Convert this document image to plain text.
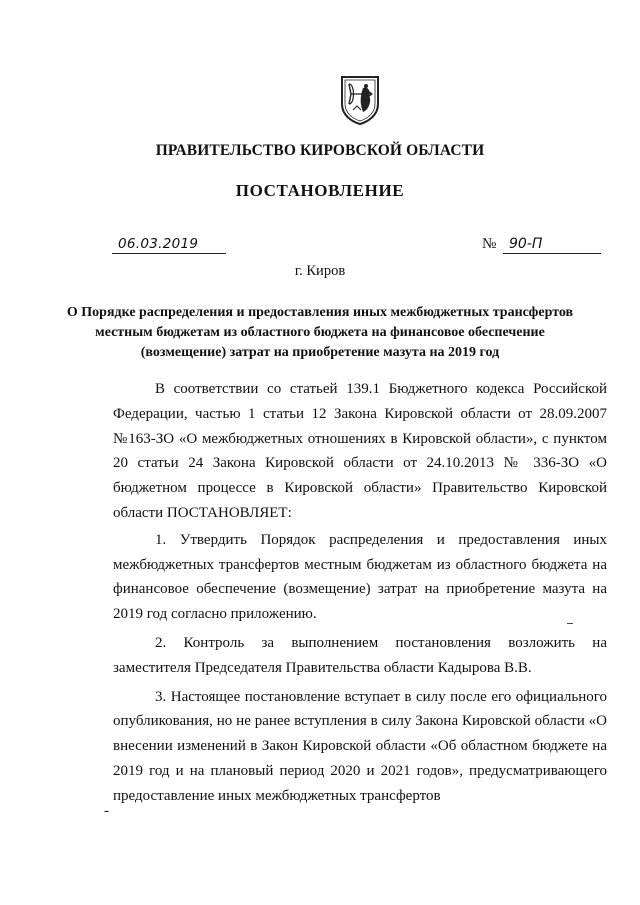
ПРАВИТЕЛЬСТВО КИРОВСКОЙ ОБЛАСТИ
ПОСТАНОВЛЕНИЕ
06.03.2019	№ 90-П
г. Киров
О Порядке распределения и предоставления иных межбюджетных трансфертов местным бюджетам из областного бюджета на финансовое обеспечение (возмещение) затрат на приобретение мазута на 2019 год

В соответствии со статьей 139.1 Бюджетного кодекса Российской Федерации, частью 1 статьи 12 Закона Кировской области от 28.09.2007 №163-ЗО «О межбюджетных отношениях в Кировской области», с пунктом 20 статьи 24 Закона Кировской области от 24.10.2013 № 336-ЗО «О бюджетном процессе в Кировской области» Правительство Кировской области ПОСТАНОВЛЯЕТ:

1. Утвердить Порядок распределения и предоставления иных межбюджетных трансфертов местным бюджетам из областного бюджета на финансовое обеспечение (возмещение) затрат на приобретение мазута на 2019 год согласно приложению.

2. Контроль за выполнением постановления возложить на заместителя Председателя Правительства области Кадырова В.В.

3. Настоящее постановление вступает в силу после его официального опубликования, но не ранее вступления в силу Закона Кировской области «О внесении изменений в Закон Кировской области «Об областном бюджете на 2019 год и на плановый период 2020 и 2021 годов», предусматривающего предоставление иных межбюджетных трансфертов

-
